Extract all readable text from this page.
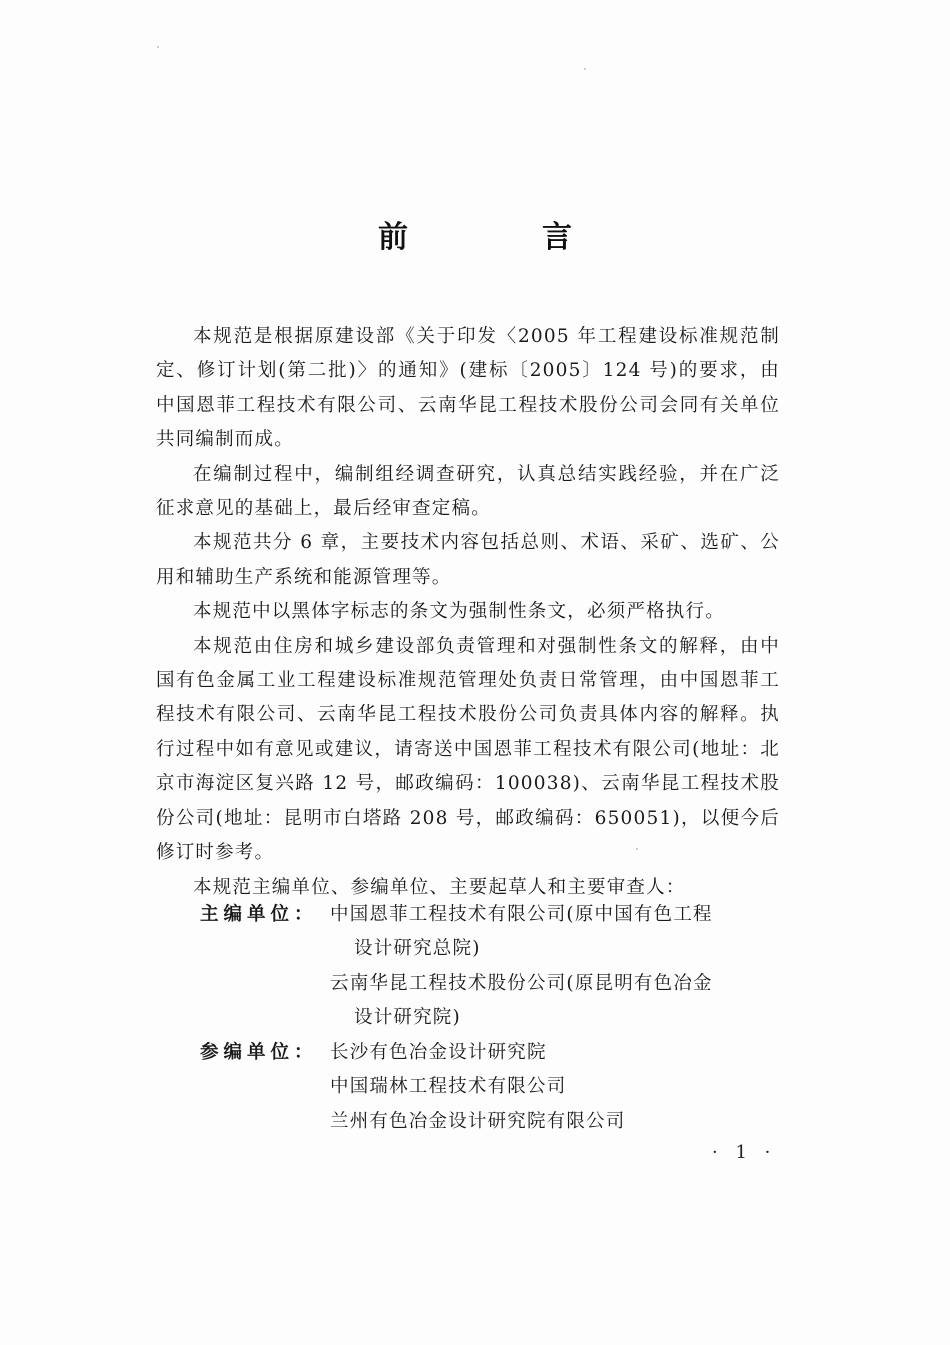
前　言

本规范是根据原建设部《关于印发〈2005 年工程建设标准规范制定、修订计划(第二批)〉的通知》(建标〔2005〕124 号)的要求，由中国恩菲工程技术有限公司、云南华昆工程技术股份公司会同有关单位共同编制而成。

在编制过程中，编制组经调查研究，认真总结实践经验，并在广泛征求意见的基础上，最后经审查定稿。

本规范共分 6 章，主要技术内容包括总则、术语、采矿、选矿、公用和辅助生产系统和能源管理等。

本规范中以黑体字标志的条文为强制性条文，必须严格执行。

本规范由住房和城乡建设部负责管理和对强制性条文的解释，由中国有色金属工业工程建设标准规范管理处负责日常管理，由中国恩菲工程技术有限公司、云南华昆工程技术股份公司负责具体内容的解释。执行过程中如有意见或建议，请寄送中国恩菲工程技术有限公司(地址：北京市海淀区复兴路 12 号，邮政编码：100038)、云南华昆工程技术股份公司(地址：昆明市白塔路 208 号，邮政编码：650051)，以便今后修订时参考。

本规范主编单位、参编单位、主要起草人和主要审查人：

主编单位： 中国恩菲工程技术有限公司(原中国有色工程

设计研究总院)

云南华昆工程技术股份公司(原昆明有色冶金

设计研究院)

参编单位： 长沙有色冶金设计研究院

中国瑞林工程技术有限公司

兰州有色冶金设计研究院有限公司

· 1 ·
